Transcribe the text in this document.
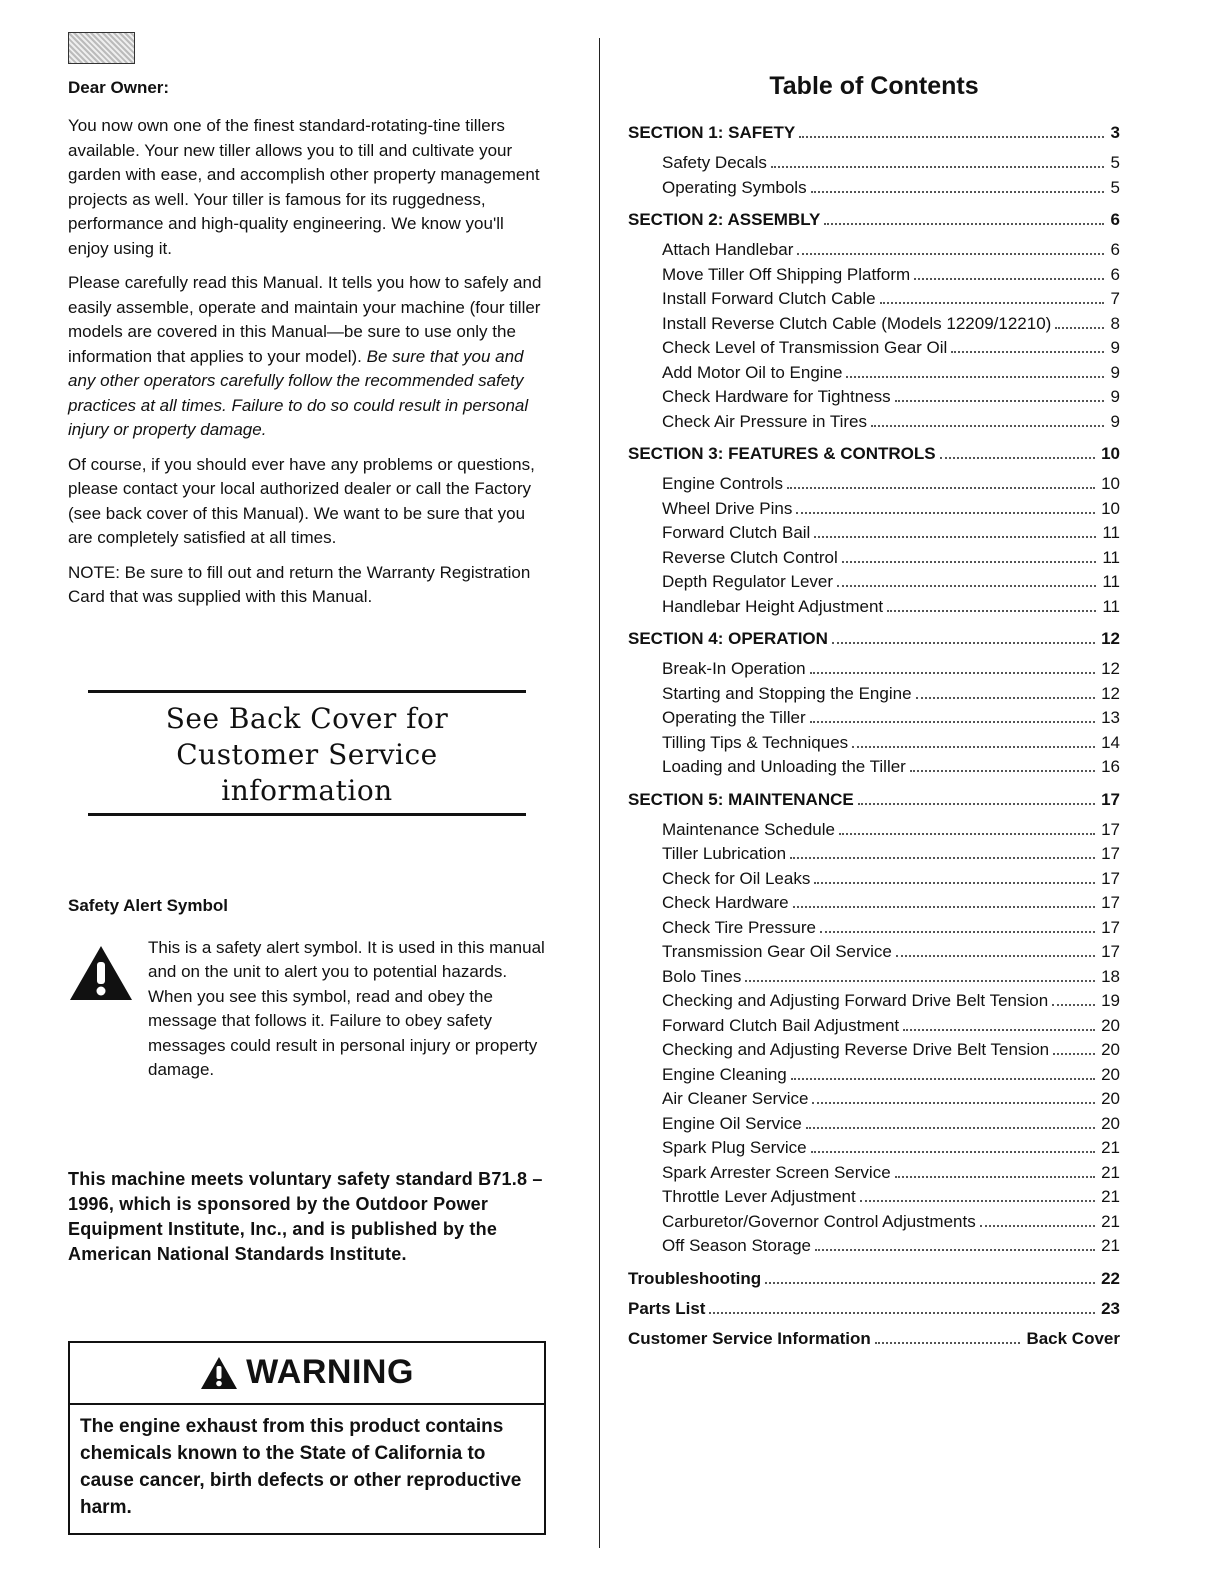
Dear Owner:

You now own one of the finest standard-rotating-tine tillers available. Your new tiller allows you to till and cultivate your garden with ease, and accomplish other property management projects as well. Your tiller is famous for its ruggedness, performance and high-quality engineering. We know you'll enjoy using it.

Please carefully read this Manual. It tells you how to safely and easily assemble, operate and maintain your machine (four tiller models are covered in this Manual—be sure to use only the information that applies to your model). Be sure that you and any other operators carefully follow the recommended safety practices at all times. Failure to do so could result in personal injury or property damage.

Of course, if you should ever have any problems or questions, please contact your local authorized dealer or call the Factory (see back cover of this Manual). We want to be sure that you are completely satisfied at all times.

NOTE: Be sure to fill out and return the Warranty Registration Card that was supplied with this Manual.

See Back Cover for
Customer Service information
Safety Alert Symbol
This is a safety alert symbol. It is used in this manual and on the unit to alert you to potential hazards. When you see this symbol, read and obey the message that follows it. Failure to obey safety messages could result in personal injury or property damage.
This machine meets voluntary safety standard B71.8 – 1996, which is sponsored by the Outdoor Power Equipment Institute, Inc., and is published by the American National Standards Institute.
WARNING
The engine exhaust from this product contains chemicals known to the State of California to cause cancer, birth defects or other reproductive harm.
Table of Contents
SECTION 1: SAFETY	3
Safety Decals	5
Operating Symbols	5
SECTION 2: ASSEMBLY	6
Attach Handlebar	6
Move Tiller Off Shipping Platform	6
Install Forward Clutch Cable	7
Install Reverse Clutch Cable (Models 12209/12210)	8
Check Level of Transmission Gear Oil	9
Add Motor Oil to Engine	9
Check Hardware for Tightness	9
Check Air Pressure in Tires	9
SECTION 3: FEATURES & CONTROLS	10
Engine Controls	10
Wheel Drive Pins	10
Forward Clutch Bail	11
Reverse Clutch Control	11
Depth Regulator Lever	11
Handlebar Height Adjustment	11
SECTION 4: OPERATION	12
Break-In Operation	12
Starting and Stopping the Engine	12
Operating the Tiller	13
Tilling Tips & Techniques	14
Loading and Unloading the Tiller	16
SECTION 5: MAINTENANCE	17
Maintenance Schedule	17
Tiller Lubrication	17
Check for Oil Leaks	17
Check Hardware	17
Check Tire Pressure	17
Transmission Gear Oil Service	17
Bolo Tines	18
Checking and Adjusting Forward Drive Belt Tension	19
Forward Clutch Bail Adjustment	20
Checking and Adjusting Reverse Drive Belt Tension	20
Engine Cleaning	20
Air Cleaner Service	20
Engine Oil Service	20
Spark Plug Service	21
Spark Arrester Screen Service	21
Throttle Lever Adjustment	21
Carburetor/Governor Control Adjustments	21
Off Season Storage	21
Troubleshooting	22
Parts List	23
Customer Service Information	Back Cover
